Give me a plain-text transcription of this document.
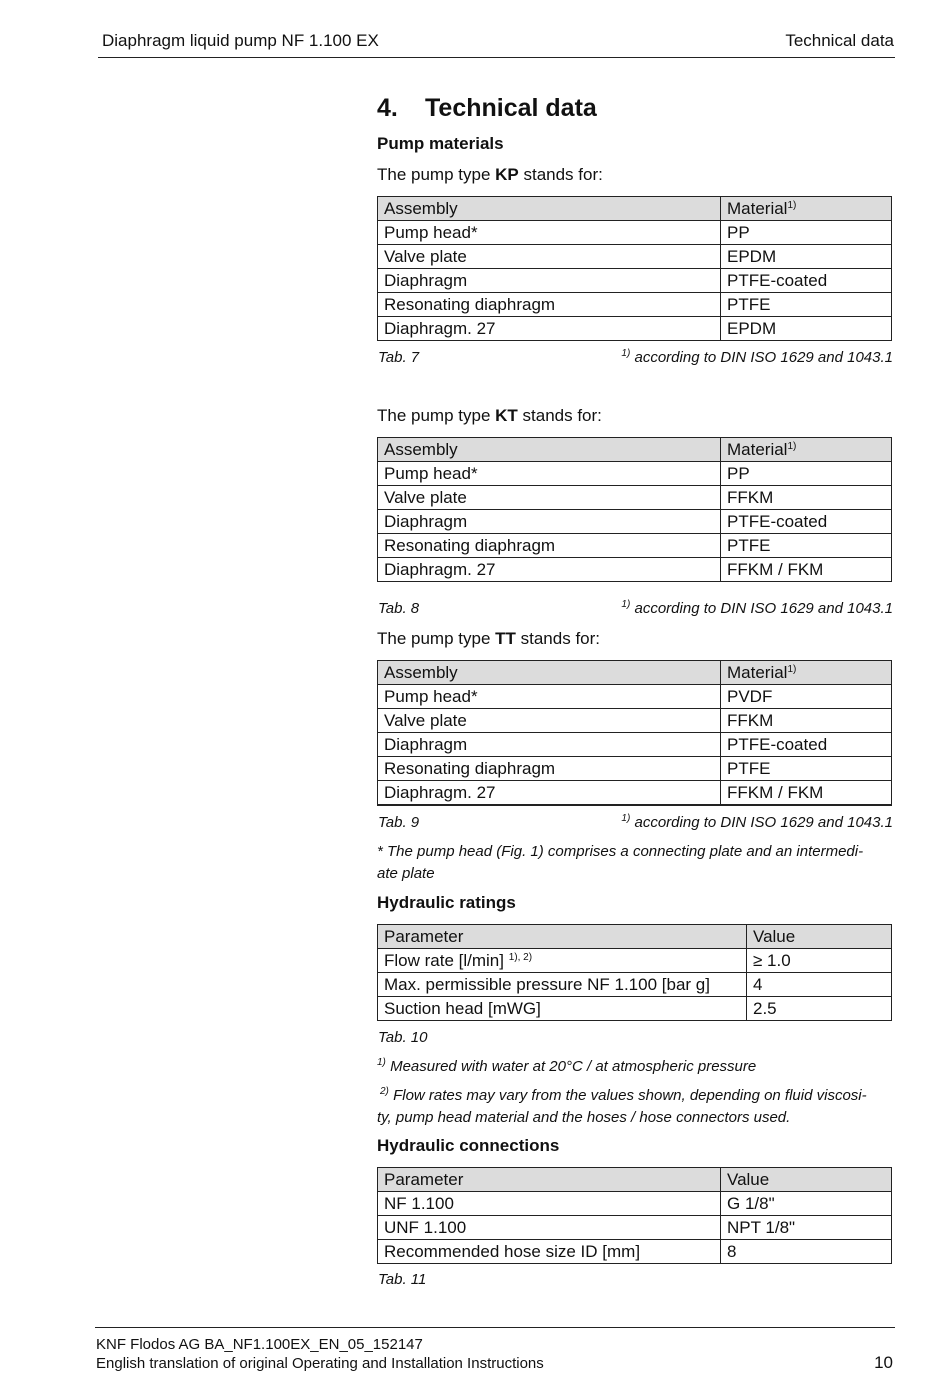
Diaphragm liquid pump NF 1.100 EX	Technical data
4. Technical data
Pump materials
The pump type KP stands for:
Assembly	Material$^{1)}$
Pump head*	PP
Valve plate	EPDM
Diaphragm	PTFE-coated
Resonating diaphragm	PTFE
Diaphragm. 27	EPDM
Tab. 7	$^{1)}$ according to DIN ISO 1629 and 1043.1
The pump type KT stands for:
Assembly	Material$^{1)}$
Pump head*	PP
Valve plate	FFKM
Diaphragm	PTFE-coated
Resonating diaphragm	PTFE
Diaphragm. 27	FFKM / FKM
Tab. 8	$^{1)}$ according to DIN ISO 1629 and 1043.1
The pump type TT stands for:
Assembly	Material$^{1)}$
Pump head*	PVDF
Valve plate	FFKM
Diaphragm	PTFE-coated
Resonating diaphragm	PTFE
Diaphragm. 27	FFKM / FKM
Tab. 9	$^{1)}$ according to DIN ISO 1629 and 1043.1
* The pump head (Fig. 1) comprises a connecting plate and an intermedi-
ate plate
Hydraulic ratings
Parameter	Value
Flow rate [l/min] $^{1), 2)}$	≥ 1.0
Max. permissible pressure NF 1.100 [bar g]	4
Suction head [mWG]	2.5
Tab. 10
$^{1)}$ Measured with water at 20°C / at atmospheric pressure
$^{2)}$ Flow rates may vary from the values shown, depending on fluid viscosi-
ty, pump head material and the hoses / hose connectors used.
Hydraulic connections
Parameter	Value
NF 1.100	G 1/8"
UNF 1.100	NPT 1/8"
Recommended hose size ID [mm]	8
Tab. 11
KNF Flodos AG BA_NF1.100EX_EN_05_152147
English translation of original Operating and Installation Instructions	10
